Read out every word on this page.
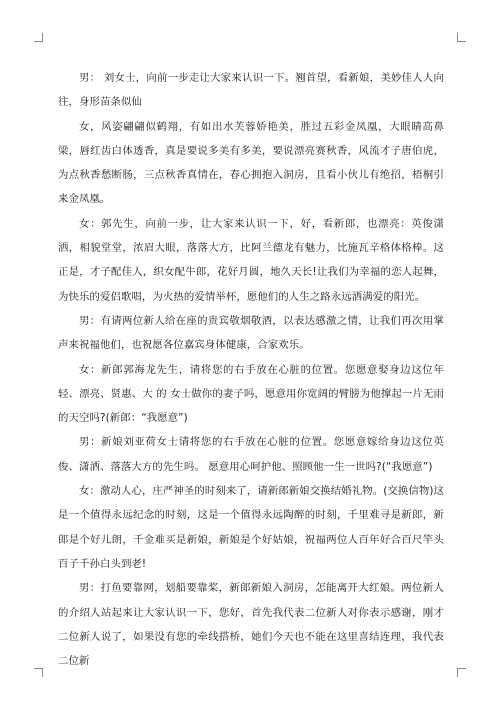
男： 刘女士，向前一步走让大家来认识一下。翘首望，看新娘，美妙佳人人向往，身形苗条似仙

女，风姿翩翩似鹤翔，有如出水芙蓉娇艳美，胜过五彩金凤凰，大眼睛高鼻梁，唇红齿白体透香，真是要说多美有多美，要说漂亮赛秋香，风流才子唐伯虎，为点秋香愁断肠，三点秋香真情在，春心拥抱入洞房，且看小伙儿有绝招，梧桐引来金凤凰。

女：郭先生，向前一步，让大家来认识一下，好，看新郎，也漂亮：英俊潇洒，相貌堂堂，浓眉大眼，落落大方，比阿兰德龙有魅力，比施瓦辛格体格棒。这正是，才子配佳人，织女配牛郎，花好月圆，地久天长!让我们为幸福的恋人起舞，为快乐的爱侣歌唱，为火热的爱情举杯，愿他们的人生之路永远洒满爱的阳光。

男：有请两位新人给在座的贵宾敬烟敬酒，以表达感激之情，让我们再次用掌声来祝福他们，也祝愿各位嘉宾身体健康，合家欢乐。

女：新郎郭海龙先生，请将您的右手放在心脏的位置。您愿意娶身边这位年轻、漂亮、贤惠、大 的 女士做你的妻子吗，愿意用你宽阔的臂膀为他撑起一片无雨的天空吗?(新郎：“我愿意”)

男：新娘刘亚荷女士请将您的右手放在心脏的位置。您愿意嫁给身边这位英俊、潇洒、落落大方的先生吗。 愿意用心呵护他、照顾他一生一世吗?(“我愿意”)

女：激动人心，庄严神圣的时刻来了，请新郎新娘交换结婚礼物。(交换信物)这是一个值得永远纪念的时刻，这是一个值得永远陶醉的时刻，千里难寻是新郎，新郎是个好儿朗，千金难买是新娘，新娘是个好姑娘，祝福两位人百年好合百尺竿头百子千孙白头到老!

男：打鱼要靠网，划船要靠桨，新郎新娘入洞房，怎能离开大红娘。两位新人的介绍人站起来让大家认识一下，您好，首先我代表二位新人对你表示感谢，刚才二位新人说了，如果没有您的牵线搭桥，她们今天也不能在这里喜结连理，我代表二位新
